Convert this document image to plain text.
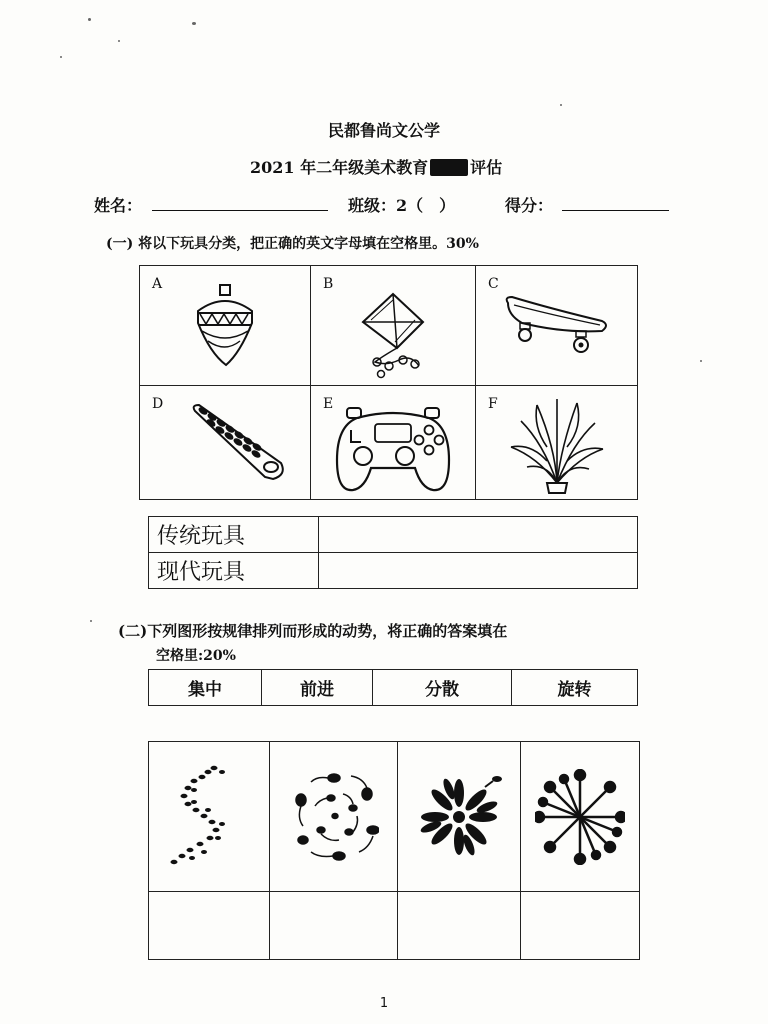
民都鲁尚文公学
2021 年二年级美术教育	评估
姓名：	班级：2（　）	得分：
(一) 将以下玩具分类，把正确的英文字母填在空格里。30%
A	B	C

D	E	F
传统玩具	
现代玩具	
(二)下列图形按规律排列而形成的动势，将正确的答案填在
空格里:20%
集中	前进	分散	旋转

1
